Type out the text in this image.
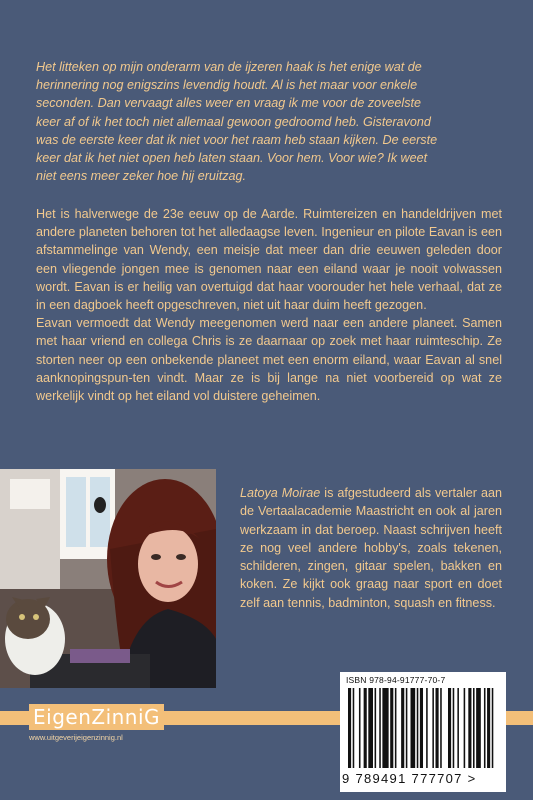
Het litteken op mijn onderarm van de ijzeren haak is het enige wat de
herinnering nog enigszins levendig houdt. Al is het maar voor enkele
seconden. Dan vervaagt alles weer en vraag ik me voor de zoveelste
keer af of ik het toch niet allemaal gewoon gedroomd heb. Gisteravond
was de eerste keer dat ik niet voor het raam heb staan kijken. De eerste
keer dat ik het niet open heb laten staan. Voor hem. Voor wie? Ik weet
niet eens meer zeker hoe hij eruitzag.

Het is halverwege de 23e eeuw op de Aarde. Ruimtereizen en handeldrijven met andere planeten behoren tot het alledaagse leven. Ingenieur en pilote Eavan is een afstammelinge van Wendy, een meisje dat meer dan drie eeuwen geleden door een vliegende jongen mee is genomen naar een eiland waar je nooit volwassen wordt. Eavan is er heilig van overtuigd dat haar voorouder het hele verhaal, dat ze in een dagboek heeft opgeschreven, niet uit haar duim heeft gezogen.

Eavan vermoedt dat Wendy meegenomen werd naar een andere planeet. Samen met haar vriend en collega Chris is ze daarnaar op zoek met haar ruimteschip. Ze storten neer op een onbekende planeet met een enorm eiland, waar Eavan al snel aanknopingspun-ten vindt. Maar ze is bij lange na niet voorbereid op wat ze werkelijk vindt op het eiland vol duistere geheimen.

Latoya Moirae is afgestudeerd als vertaler aan de Vertaalacademie Maastricht en ook al jaren werkzaam in dat beroep. Naast schrijven heeft ze nog veel andere hobby's, zoals tekenen, schilderen, zingen, gitaar spelen, bakken en koken. Ze kijkt ook graag naar sport en doet zelf aan tennis, badminton, squash en fitness.
EigenZinniG
www.uitgeverijeigenzinnig.nl
ISBN 978-94-91777-70-7
9 789491 777707 >
